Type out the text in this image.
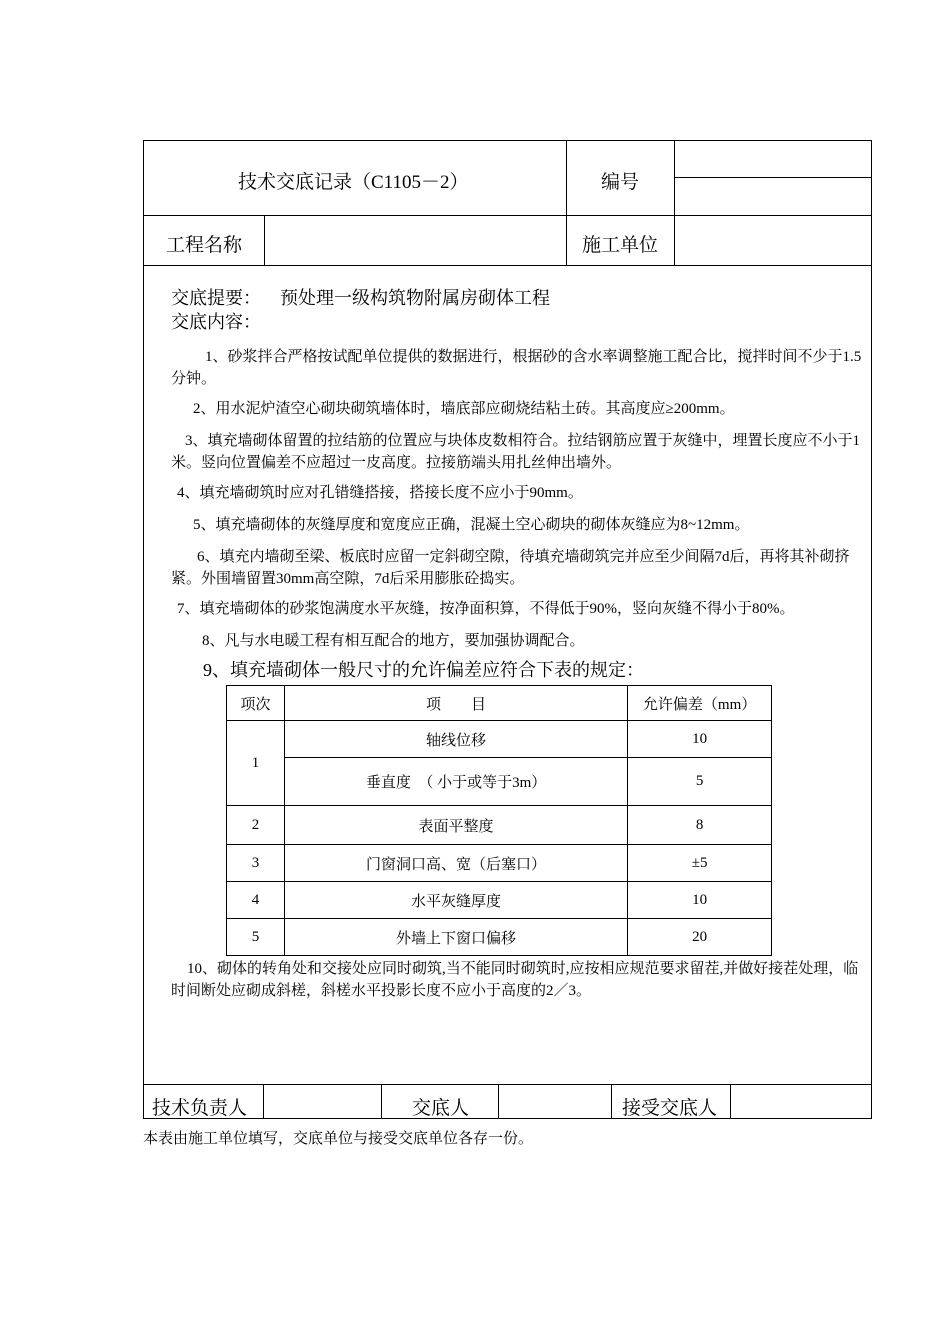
技术交底记录（C1105－2）	编号
工程名称	施工单位
交底提要： 预处理一级构筑物附属房砌体工程
交底内容：

1、砂浆拌合严格按试配单位提供的数据进行，根据砂的含水率调整施工配合比，搅拌时间不少于1.5分钟。

2、用水泥炉渣空心砌块砌筑墙体时，墙底部应砌烧结粘土砖。其高度应≥200mm。

3、填充墙砌体留置的拉结筋的位置应与块体皮数相符合。拉结钢筋应置于灰缝中，埋置长度应不小于1米。竖向位置偏差不应超过一皮高度。拉接筋端头用扎丝伸出墙外。

4、填充墙砌筑时应对孔错缝搭接，搭接长度不应小于90mm。

5、填充墙砌体的灰缝厚度和宽度应正确，混凝土空心砌块的砌体灰缝应为8~12mm。

6、填充内墙砌至梁、板底时应留一定斜砌空隙，待填充墙砌筑完并应至少间隔7d后，再将其补砌挤紧。外围墙留置30mm高空隙，7d后采用膨胀砼捣实。

7、填充墙砌体的砂浆饱满度水平灰缝，按净面积算，不得低于90%，竖向灰缝不得小于80%。

8、凡与水电暖工程有相互配合的地方，要加强协调配合。

9、填充墙砌体一般尺寸的允许偏差应符合下表的规定：

项次	项　　目	允许偏差（mm）
1	轴线位移	10
	垂直度　（ 小于或等于3m）	5
2	表面平整度	8
3	门窗洞口高、宽（后塞口）	±5
4	水平灰缝厚度	10
5	外墙上下窗口偏移	20

10、砌体的转角处和交接处应同时砌筑,当不能同时砌筑时,应按相应规范要求留茬,并做好接茬处理，临时间断处应砌成斜槎，斜槎水平投影长度不应小于高度的2／3。

技术负责人	交底人	接受交底人
本表由施工单位填写，交底单位与接受交底单位各存一份。
